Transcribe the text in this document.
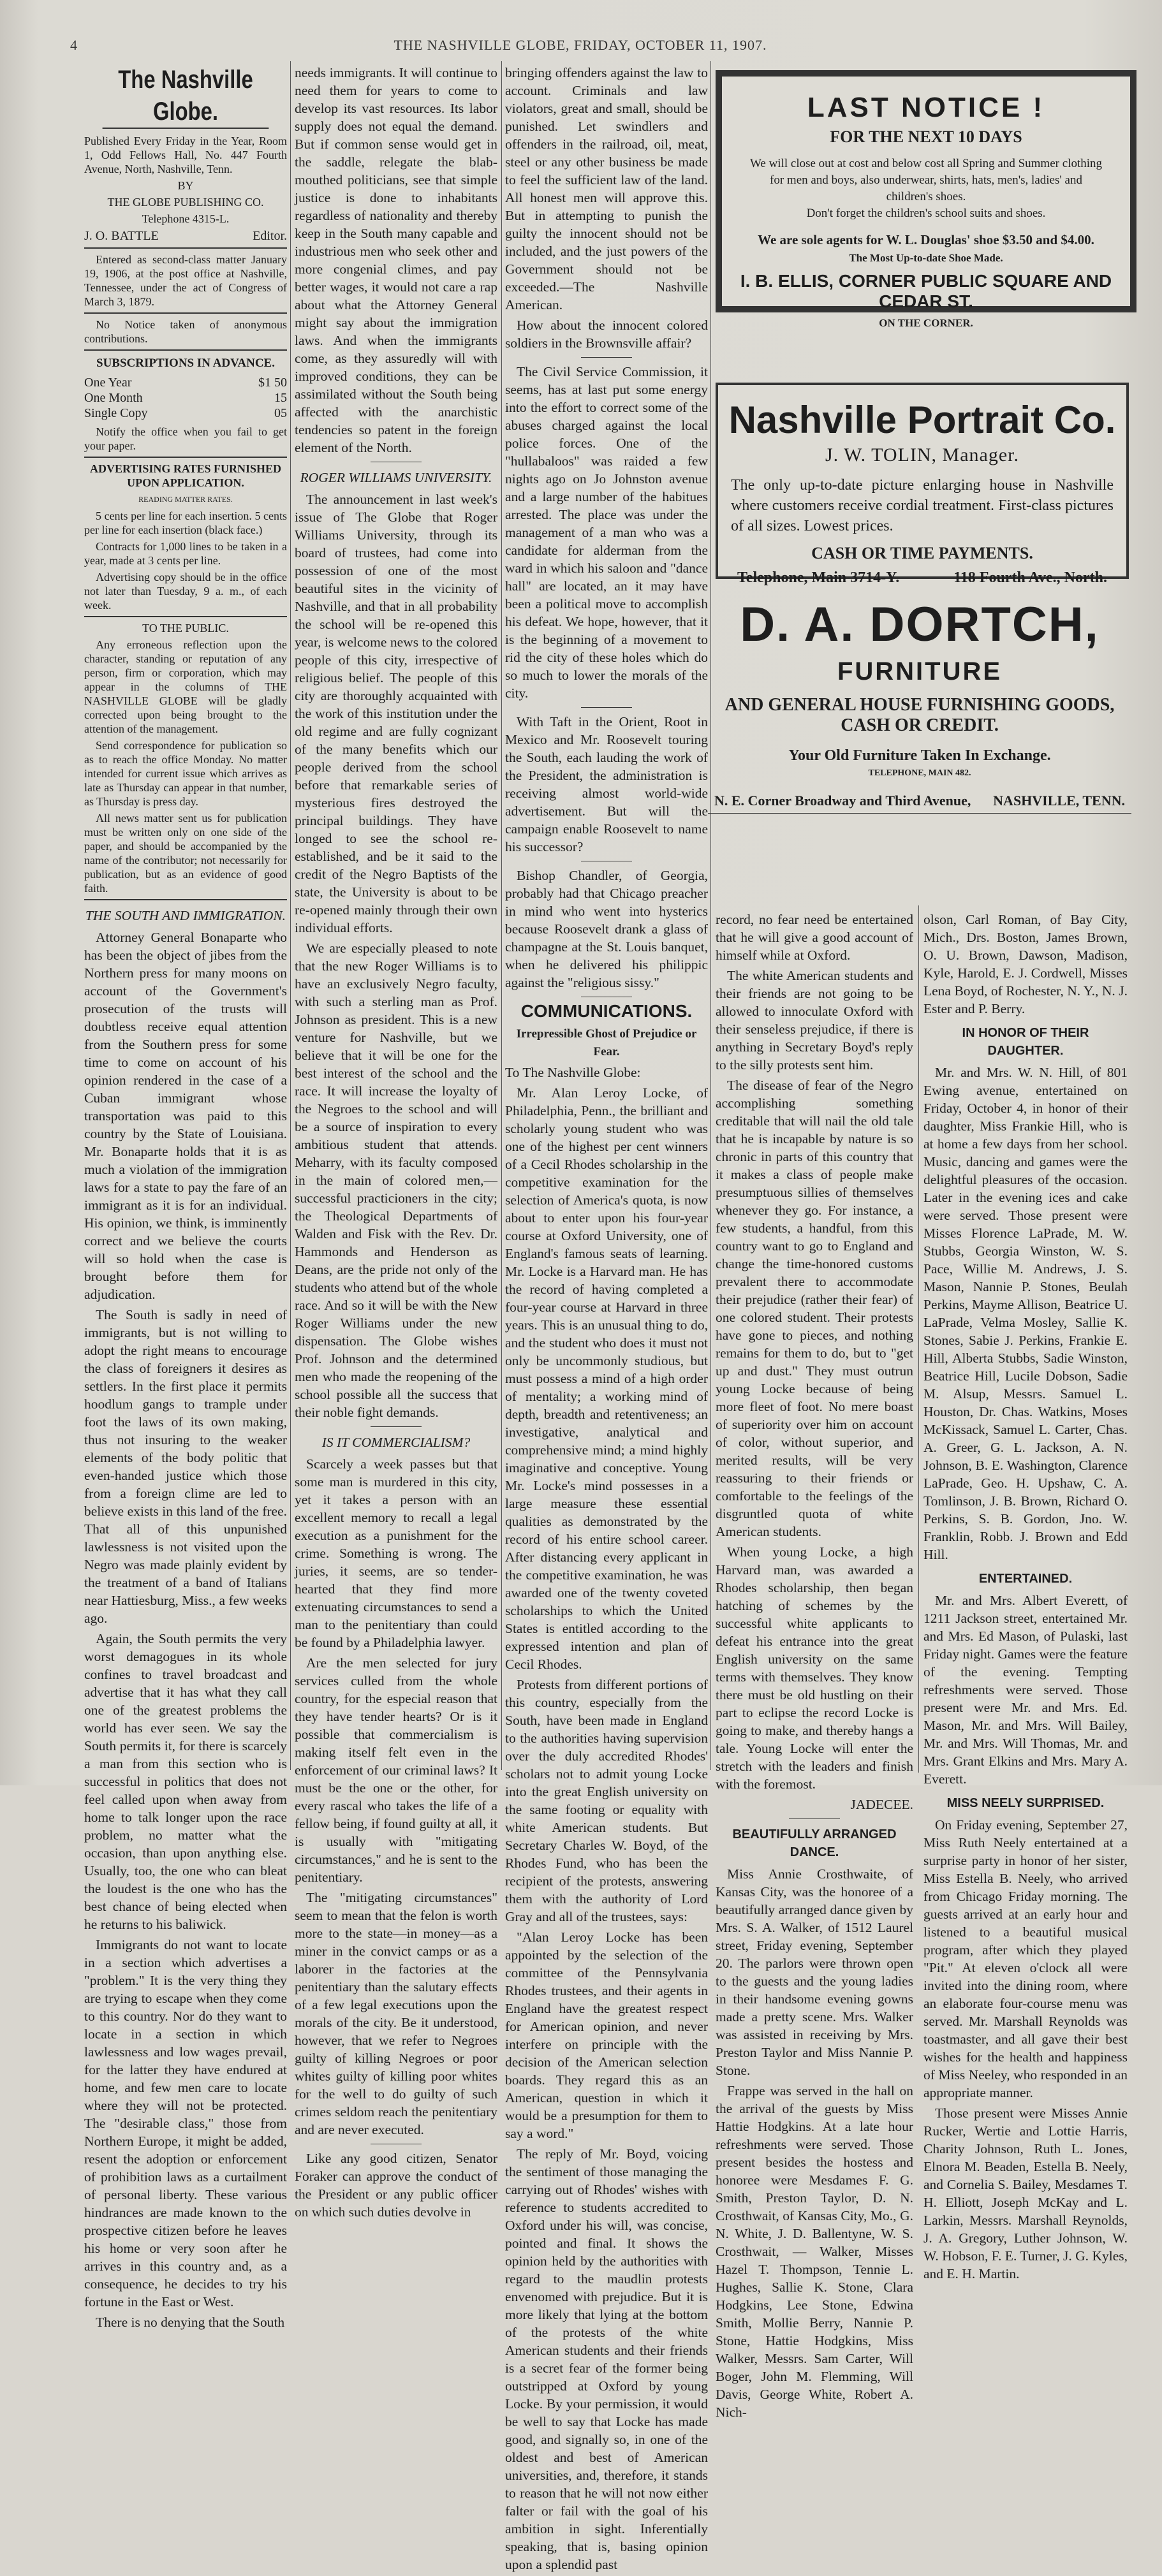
4	THE NASHVILLE GLOBE, FRIDAY, OCTOBER 11, 1907.
The Nashville Globe.

Published Every Friday in the Year, Room 1, Odd Fellows Hall, No. 447 Fourth Avenue, North, Nashville, Tenn.

BY

THE GLOBE PUBLISHING CO.

Telephone 4315-L.

J. O. BATTLE	Editor.

Entered as second-class matter January 19, 1906, at the post office at Nashville, Tennessee, under the act of Congress of March 3, 1879.

No Notice taken of anonymous contributions.

SUBSCRIPTIONS IN ADVANCE.

One Year	$1 50
One Month	15
Single Copy	05

Notify the office when you fail to get your paper.

ADVERTISING RATES FURNISHED UPON APPLICATION.

READING MATTER RATES.

5 cents per line for each insertion. 5 cents per line for each insertion (black face.)

Contracts for 1,000 lines to be taken in a year, made at 3 cents per line.

Advertising copy should be in the office not later than Tuesday, 9 a. m., of each week.

TO THE PUBLIC.

Any erroneous reflection upon the character, standing or reputation of any person, firm or corporation, which may appear in the columns of THE NASHVILLE GLOBE will be gladly corrected upon being brought to the attention of the management.

Send correspondence for publication so as to reach the office Monday. No matter intended for current issue which arrives as late as Thursday can appear in that number, as Thursday is press day.

All news matter sent us for publication must be written only on one side of the paper, and should be accompanied by the name of the contributor; not necessarily for publication, but as an evidence of good faith.

THE SOUTH AND IMMIGRATION.

Attorney General Bonaparte who has been the object of jibes from the Northern press for many moons on account of the Government's prosecution of the trusts will doubtless receive equal attention from the Southern press for some time to come on account of his opinion rendered in the case of a Cuban immigrant whose transportation was paid to this country by the State of Louisiana. Mr. Bonaparte holds that it is as much a violation of the immigration laws for a state to pay the fare of an immigrant as it is for an individual. His opinion, we think, is imminently correct and we believe the courts will so hold when the case is brought before them for adjudication.

The South is sadly in need of immigrants, but is not willing to adopt the right means to encourage the class of foreigners it desires as settlers. In the first place it permits hoodlum gangs to trample under foot the laws of its own making, thus not insuring to the weaker elements of the body politic that even-handed justice which those from a foreign clime are led to believe exists in this land of the free. That all of this unpunished lawlessness is not visited upon the Negro was made plainly evident by the treatment of a band of Italians near Hattiesburg, Miss., a few weeks ago.

Again, the South permits the very worst demagogues in its whole confines to travel broadcast and advertise that it has what they call one of the greatest problems the world has ever seen. We say the South permits it, for there is scarcely a man from this section who is successful in politics that does not feel called upon when away from home to talk longer upon the race problem, no matter what the occasion, than upon anything else. Usually, too, the one who can bleat the loudest is the one who has the best chance of being elected when he returns to his baliwick.

Immigrants do not want to locate in a section which advertises a "problem." It is the very thing they are trying to escape when they come to this country. Nor do they want to locate in a section in which lawlessness and low wages prevail, for the latter they have endured at home, and few men care to locate where they will not be protected. The "desirable class," those from Northern Europe, it might be added, resent the adoption or enforcement of prohibition laws as a curtailment of personal liberty. These various hindrances are made known to the prospective citizen before he leaves his home or very soon after he arrives in this country and, as a consequence, he decides to try his fortune in the East or West.

There is no denying that the South

needs immigrants. It will continue to need them for years to come to develop its vast resources. Its labor supply does not equal the demand. But if common sense would get in the saddle, relegate the blab-mouthed politicians, see that simple justice is done to inhabitants regardless of nationality and thereby keep in the South many capable and industrious men who seek other and more congenial climes, and pay better wages, it would not care a rap about what the Attorney General might say about the immigration laws. And when the immigrants come, as they assuredly will with improved conditions, they can be assimilated without the South being affected with the anarchistic tendencies so patent in the foreign element of the North.

ROGER WILLIAMS UNIVERSITY.

The announcement in last week's issue of The Globe that Roger Williams University, through its board of trustees, had come into possession of one of the most beautiful sites in the vicinity of Nashville, and that in all probability the school will be re-opened this year, is welcome news to the colored people of this city, irrespective of religious belief. The people of this city are thoroughly acquainted with the work of this institution under the old regime and are fully cognizant of the many benefits which our people derived from the school before that remarkable series of mysterious fires destroyed the principal buildings. They have longed to see the school re-established, and be it said to the credit of the Negro Baptists of the state, the University is about to be re-opened mainly through their own individual efforts.

We are especially pleased to note that the new Roger Williams is to have an exclusively Negro faculty, with such a sterling man as Prof. Johnson as president. This is a new venture for Nashville, but we believe that it will be one for the best interest of the school and the race. It will increase the loyalty of the Negroes to the school and will be a source of inspiration to every ambitious student that attends. Meharry, with its faculty composed in the main of colored men,—successful practicioners in the city; the Theological Departments of Walden and Fisk with the Rev. Dr. Hammonds and Henderson as Deans, are the pride not only of the students who attend but of the whole race. And so it will be with the New Roger Williams under the new dispensation. The Globe wishes Prof. Johnson and the determined men who made the reopening of the school possible all the success that their noble fight demands.

IS IT COMMERCIALISM?

Scarcely a week passes but that some man is murdered in this city, yet it takes a person with an excellent memory to recall a legal execution as a punishment for the crime. Something is wrong. The juries, it seems, are so tender-hearted that they find more extenuating circumstances to send a man to the penitentiary than could be found by a Philadelphia lawyer.

Are the men selected for jury services culled from the whole country, for the especial reason that they have tender hearts? Or is it possible that commercialism is making itself felt even in the enforcement of our criminal laws? It must be the one or the other, for every rascal who takes the life of a fellow being, if found guilty at all, it is usually with "mitigating circumstances," and he is sent to the penitentiary.

The "mitigating circumstances" seem to mean that the felon is worth more to the state—in money—as a miner in the convict camps or as a laborer in the factories at the penitentiary than the salutary effects of a few legal executions upon the morals of the city. Be it understood, however, that we refer to Negroes guilty of killing Negroes or poor whites guilty of killing poor whites for the well to do guilty of such crimes seldom reach the penitentiary and are never executed.

Like any good citizen, Senator Foraker can approve the conduct of the President or any public officer on which such duties devolve in

bringing offenders against the law to account. Criminals and law violators, great and small, should be punished. Let swindlers and offenders in the railroad, oil, meat, steel or any other business be made to feel the sufficient law of the land. All honest men will approve this. But in attempting to punish the guilty the innocent should not be included, and the just powers of the Government should not be exceeded.—The Nashville American.

How about the innocent colored soldiers in the Brownsville affair?

The Civil Service Commission, it seems, has at last put some energy into the effort to correct some of the abuses charged against the local police forces. One of the "hullabaloos" was raided a few nights ago on Jo Johnston avenue and a large number of the habitues arrested. The place was under the management of a man who was a candidate for alderman from the ward in which his saloon and "dance hall" are located, an it may have been a political move to accomplish his defeat. We hope, however, that it is the beginning of a movement to rid the city of these holes which do so much to lower the morals of the city.

With Taft in the Orient, Root in Mexico and Mr. Roosevelt touring the South, each lauding the work of the President, the administration is receiving almost world-wide advertisement. But will the campaign enable Roosevelt to name his successor?

Bishop Chandler, of Georgia, probably had that Chicago preacher in mind who went into hysterics because Roosevelt drank a glass of champagne at the St. Louis banquet, when he delivered his philippic against the "religious sissy."

COMMUNICATIONS.

Irrepressible Ghost of Prejudice or Fear.

To The Nashville Globe:

Mr. Alan Leroy Locke, of Philadelphia, Penn., the brilliant and scholarly young student who was one of the highest per cent winners of a Cecil Rhodes scholarship in the competitive examination for the selection of America's quota, is now about to enter upon his four-year course at Oxford University, one of England's famous seats of learning. Mr. Locke is a Harvard man. He has the record of having completed a four-year course at Harvard in three years. This is an unusual thing to do, and the student who does it must not only be uncommonly studious, but must possess a mind of a high order of mentality; a working mind of depth, breadth and retentiveness; an investigative, analytical and comprehensive mind; a mind highly imaginative and conceptive. Young Mr. Locke's mind possesses in a large measure these essential qualities as demonstrated by the record of his entire school career. After distancing every applicant in the competitive examination, he was awarded one of the twenty coveted scholarships to which the United States is entitled according to the expressed intention and plan of Cecil Rhodes.

Protests from different portions of this country, especially from the South, have been made in England to the authorities having supervision over the duly accredited Rhodes' scholars not to admit young Locke into the great English university on the same footing or equality with white American students. But Secretary Charles W. Boyd, of the Rhodes Fund, who has been the recipient of the protests, answering them with the authority of Lord Gray and all of the trustees, says:

"Alan Leroy Locke has been appointed by the selection of the committee of the Pennsylvania Rhodes trustees, and their agents in England have the greatest respect for American opinion, and never interfere on principle with the decision of the American selection boards. They regard this as an American, question in which it would be a presumption for them to say a word."

The reply of Mr. Boyd, voicing the sentiment of those managing the carrying out of Rhodes' wishes with reference to students accredited to Oxford under his will, was concise, pointed and final. It shows the opinion held by the authorities with regard to the maudlin protests envenomed with prejudice. But it is more likely that lying at the bottom of the protests of the white American students and their friends is a secret fear of the former being outstripped at Oxford by young Locke. By your permission, it would be well to say that Locke has made good, and signally so, in one of the oldest and best of American universities, and, therefore, it stands to reason that he will not now either falter or fail with the goal of his ambition in sight. Inferentially speaking, that is, basing opinion upon a splendid past

LAST NOTICE !
FOR THE NEXT 10 DAYS
We will close out at cost and below cost all Spring and Summer clothing for men and boys, also underwear, shirts, hats, men's, ladies' and children's shoes.
Don't forget the children's school suits and shoes.
We are sole agents for W. L. Douglas' shoe $3.50 and $4.00.
The Most Up-to-date Shoe Made.
I. B. ELLIS, CORNER PUBLIC SQUARE AND CEDAR ST.
ON THE CORNER.
Nashville Portrait Co.
J. W. TOLIN, Manager.
The only up-to-date picture enlarging house in Nashville where customers receive cordial treatment. First-class pictures of all sizes. Lowest prices.
CASH OR TIME PAYMENTS.
Telephone, Main 3714-Y.	118 Fourth Ave., North.
D. A. DORTCH,
FURNITURE
AND GENERAL HOUSE FURNISHING GOODS,
CASH OR CREDIT.
Your Old Furniture Taken In Exchange.
TELEPHONE, MAIN 482.
N. E. Corner Broadway and Third Avenue, NASHVILLE, TENN.

record, no fear need be entertained that he will give a good account of himself while at Oxford.

The white American students and their friends are not going to be allowed to innoculate Oxford with their senseless prejudice, if there is anything in Secretary Boyd's reply to the silly protests sent him.

The disease of fear of the Negro accomplishing something creditable that will nail the old tale that he is incapable by nature is so chronic in parts of this country that it makes a class of people make presumptuous sillies of themselves whenever they go. For instance, a few students, a handful, from this country want to go to England and change the time-honored customs prevalent there to accommodate their prejudice (rather their fear) of one colored student. Their protests have gone to pieces, and nothing remains for them to do, but to "get up and dust." They must outrun young Locke because of being more fleet of foot. No mere boast of superiority over him on account of color, without superior, and merited results, will be very reassuring to their friends or comfortable to the feelings of the disgruntled quota of white American students.

When young Locke, a high Harvard man, was awarded a Rhodes scholarship, then began hatching of schemes by the successful white applicants to defeat his entrance into the great English university on the same terms with themselves. They know there must be old hustling on their part to eclipse the record Locke is going to make, and thereby hangs a tale. Young Locke will enter the stretch with the leaders and finish with the foremost.

JADECEE.

BEAUTIFULLY ARRANGED DANCE.

Miss Annie Crosthwaite, of Kansas City, was the honoree of a beautifully arranged dance given by Mrs. S. A. Walker, of 1512 Laurel street, Friday evening, September 20. The parlors were thrown open to the guests and the young ladies in their handsome evening gowns made a pretty scene. Mrs. Walker was assisted in receiving by Mrs. Preston Taylor and Miss Nannie P. Stone.

Frappe was served in the hall on the arrival of the guests by Miss Hattie Hodgkins. At a late hour refreshments were served. Those present besides the hostess and honoree were Mesdames F. G. Smith, Preston Taylor, D. N. Crosthwait, of Kansas City, Mo., G. N. White, J. D. Ballentyne, W. S. Crosthwait, — Walker, Misses Hazel T. Thompson, Tennie L. Hughes, Sallie K. Stone, Clara Hodgkins, Lee Stone, Edwina Smith, Mollie Berry, Nannie P. Stone, Hattie Hodgkins, Miss Walker, Messrs. Sam Carter, Will Boger, John M. Flemming, Will Davis, George White, Robert A. Nich-

olson, Carl Roman, of Bay City, Mich., Drs. Boston, James Brown, O. U. Brown, Dawson, Madison, Kyle, Harold, E. J. Cordwell, Misses Lena Boyd, of Rochester, N. Y., N. J. Ester and P. Berry.

IN HONOR OF THEIR DAUGHTER.

Mr. and Mrs. W. N. Hill, of 801 Ewing avenue, entertained on Friday, October 4, in honor of their daughter, Miss Frankie Hill, who is at home a few days from her school. Music, dancing and games were the delightful pleasures of the occasion. Later in the evening ices and cake were served. Those present were Misses Florence LaPrade, M. W. Stubbs, Georgia Winston, W. S. Pace, Willie M. Andrews, J. S. Mason, Nannie P. Stones, Beulah Perkins, Mayme Allison, Beatrice U. LaPrade, Velma Mosley, Sallie K. Stones, Sabie J. Perkins, Frankie E. Hill, Alberta Stubbs, Sadie Winston, Beatrice Hill, Lucile Dobson, Sadie M. Alsup, Messrs. Samuel L. Houston, Dr. Chas. Watkins, Moses McKissack, Samuel L. Carter, Chas. A. Greer, G. L. Jackson, A. N. Johnson, B. E. Washington, Clarence LaPrade, Geo. H. Upshaw, C. A. Tomlinson, J. B. Brown, Richard O. Perkins, S. B. Gordon, Jno. W. Franklin, Robb. J. Brown and Edd Hill.

ENTERTAINED.

Mr. and Mrs. Albert Everett, of 1211 Jackson street, entertained Mr. and Mrs. Ed Mason, of Pulaski, last Friday night. Games were the feature of the evening. Tempting refreshments were served. Those present were Mr. and Mrs. Ed. Mason, Mr. and Mrs. Will Bailey, Mr. and Mrs. Will Thomas, Mr. and Mrs. Grant Elkins and Mrs. Mary A. Everett.

MISS NEELY SURPRISED.

On Friday evening, September 27, Miss Ruth Neely entertained at a surprise party in honor of her sister, Miss Estella B. Neely, who arrived from Chicago Friday morning. The guests arrived at an early hour and listened to a beautiful musical program, after which they played "Pit." At eleven o'clock all were invited into the dining room, where an elaborate four-course menu was served. Mr. Marshall Reynolds was toastmaster, and all gave their best wishes for the health and happiness of Miss Neeley, who responded in an appropriate manner.

Those present were Misses Annie Rucker, Wertie and Lottie Harris, Charity Johnson, Ruth L. Jones, Elnora M. Beaden, Estella B. Neely, and Cornelia S. Bailey, Mesdames T. H. Elliott, Joseph McKay and L. Larkin, Messrs. Marshall Reynolds, J. A. Gregory, Luther Johnson, W. W. Hobson, F. E. Turner, J. G. Kyles, and E. H. Martin.
